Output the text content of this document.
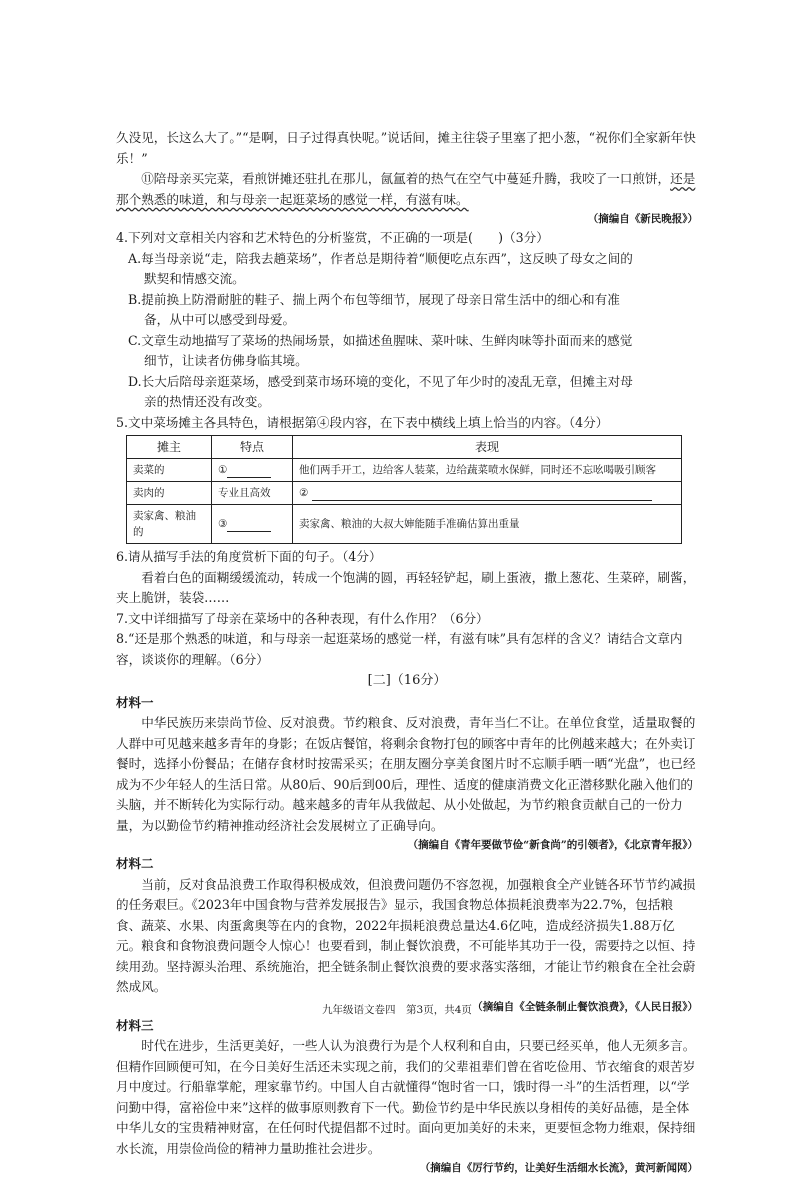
久没见，长这么大了。”“是啊，日子过得真快呢。”说话间，摊主往袋子里塞了把小葱，“祝你们全家新年快乐！”

⑪陪母亲买完菜，看煎饼摊还驻扎在那儿，氤氲着的热气在空气中蔓延升腾，我咬了一口煎饼，还是那个熟悉的味道，和与母亲一起逛菜场的感觉一样，有滋有味。

（摘编自《新民晚报》）

4.下列对文章相关内容和艺术特色的分析鉴赏，不正确的一项是(　　)（3分）

A.每当母亲说“走，陪我去趟菜场”，作者总是期待着“顺便吃点东西”，这反映了母女之间的

默契和情感交流。

B.提前换上防滑耐脏的鞋子、揣上两个布包等细节，展现了母亲日常生活中的细心和有准

备，从中可以感受到母爱。

C.文章生动地描写了菜场的热闹场景，如描述鱼腥味、菜叶味、生鲜肉味等扑面而来的感觉

细节，让读者仿佛身临其境。

D.长大后陪母亲逛菜场，感受到菜市场环境的变化，不见了年少时的凌乱无章，但摊主对母

亲的热情还没有改变。

5.文中菜场摊主各具特色，请根据第④段内容，在下表中横线上填上恰当的内容。（4分）

摊主	特点	表现
卖菜的	①	他们两手开工，边给客人装菜，边给蔬菜喷水保鲜，同时还不忘吆喝吸引顾客
卖肉的	专业且高效	②
卖家禽、粮油的	③	卖家禽、粮油的大叔大婶能随手准确估算出重量

6.请从描写手法的角度赏析下面的句子。（4分）

看着白色的面糊缓缓流动，转成一个饱满的圆，再轻轻铲起，刷上蛋液，撒上葱花、生菜碎，刷酱，夹上脆饼，装袋……

7.文中详细描写了母亲在菜场中的各种表现，有什么作用？（6分）

8.“还是那个熟悉的味道，和与母亲一起逛菜场的感觉一样，有滋有味”具有怎样的含义？请结合文章内容，谈谈你的理解。（6分）

[二]（16分）

材料一

中华民族历来崇尚节俭、反对浪费。节约粮食、反对浪费，青年当仁不让。在单位食堂，适量取餐的人群中可见越来越多青年的身影；在饭店餐馆，将剩余食物打包的顾客中青年的比例越来越大；在外卖订餐时，选择小份餐品；在储存食材时按需采买；在朋友圈分享美食图片时不忘顺手晒一晒“光盘”，也已经成为不少年轻人的生活日常。从80后、90后到00后，理性、适度的健康消费文化正潜移默化融入他们的头脑，并不断转化为实际行动。越来越多的青年从我做起、从小处做起，为节约粮食贡献自己的一份力量，为以勤俭节约精神推动经济社会发展树立了正确导向。

（摘编自《青年要做节俭“新食尚”的引领者》，《北京青年报》）

材料二

当前，反对食品浪费工作取得积极成效，但浪费问题仍不容忽视，加强粮食全产业链各环节节约减损的任务艰巨。《2023年中国食物与营养发展报告》显示，我国食物总体损耗浪费率为22.7%，包括粮食、蔬菜、水果、肉蛋禽奥等在内的食物，2022年损耗浪费总量达4.6亿吨，造成经济损失1.88万亿元。粮食和食物浪费问题令人惊心！也要看到，制止餐饮浪费，不可能毕其功于一役，需要持之以恒、持续用劲。坚持源头治理、系统施治，把全链条制止餐饮浪费的要求落实落细，才能让节约粮食在全社会蔚然成风。

（摘编自《全链条制止餐饮浪费》，《人民日报》）

材料三

时代在进步，生活更美好，一些人认为浪费行为是个人权利和自由，只要已经买单，他人无须多言。但精作回顾便可知，在今日美好生活还未实现之前，我们的父辈祖辈们曾在省吃俭用、节衣缩食的艰苦岁月中度过。行船靠掌舵，理家靠节约。中国人自古就懂得“饱时省一口，饿时得一斗”的生活哲理，以“学问勤中得，富裕俭中来”这样的做事原则教育下一代。勤俭节约是中华民族以身相传的美好品德，是全体中华儿女的宝贵精神财富，在任何时代提倡都不过时。面向更加美好的未来，更要恒念物力维艰，保持细水长流，用崇俭尚俭的精神力量助推社会进步。

（摘编自《厉行节约，让美好生活细水长流》，黄河新闻网）

九年级语文卷四　第3页，共4页
